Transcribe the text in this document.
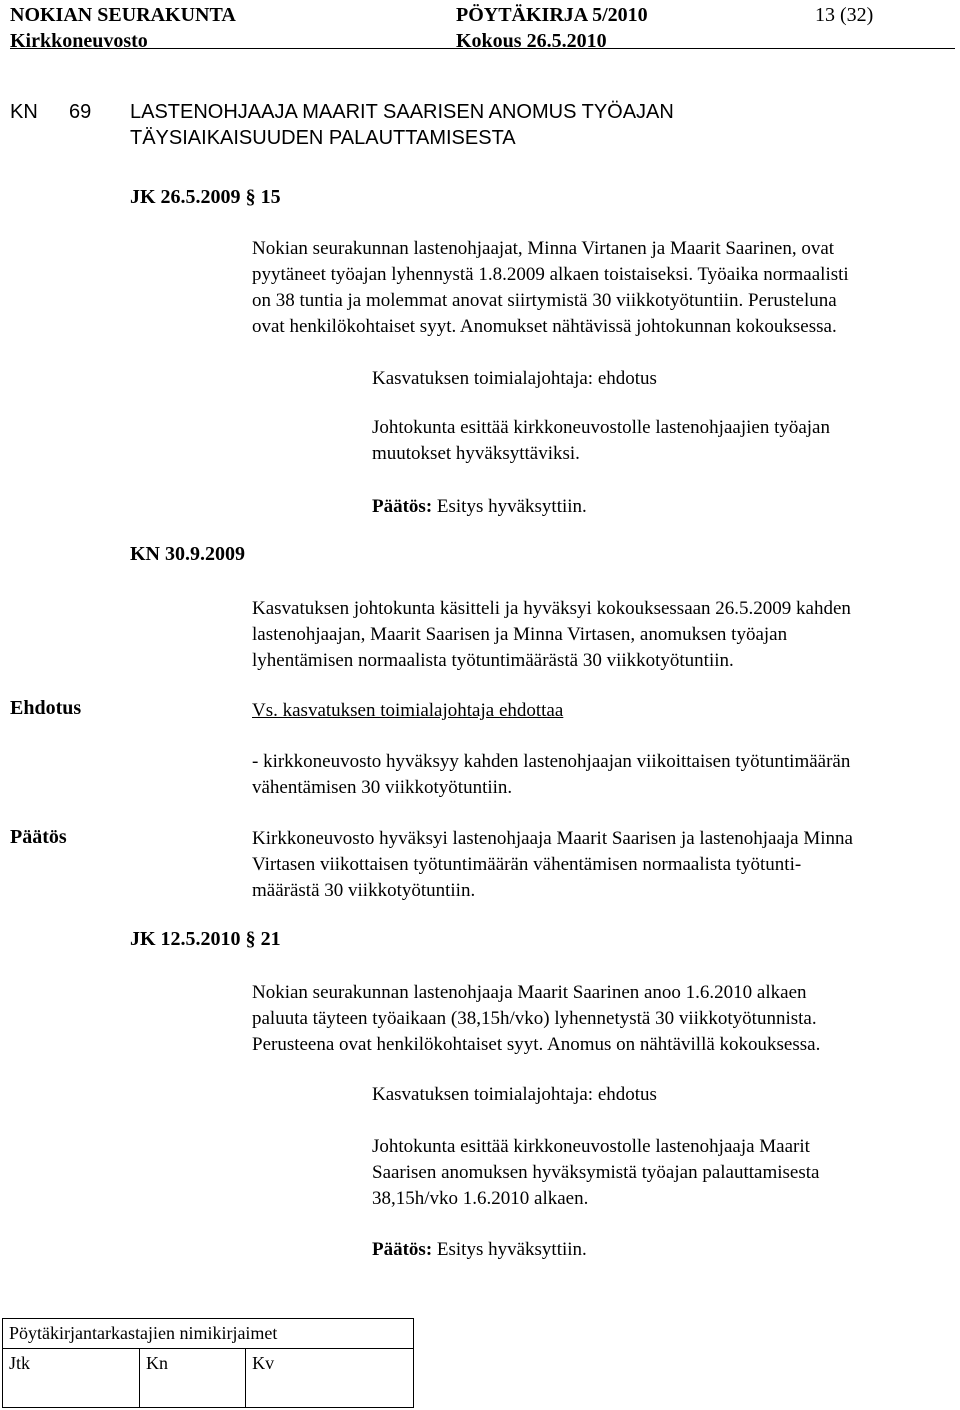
NOKIAN SEURAKUNTA	PÖYTÄKIRJA 5/2010	13 (32)
Kirkkoneuvosto	Kokous 26.5.2010
KN 69 LASTENOHJAAJA MAARIT SAARISEN ANOMUS TYÖAJAN
TÄYSIAIKAISUUDEN PALAUTTAMISESTA
JK 26.5.2009 § 15
Nokian seurakunnan lastenohjaajat, Minna Virtanen ja Maarit Saarinen, ovat
pyytäneet työajan lyhennystä 1.8.2009 alkaen toistaiseksi. Työaika normaalisti
on 38 tuntia ja molemmat anovat siirtymistä 30 viikkotyötuntiin. Perusteluna
ovat henkilökohtaiset syyt. Anomukset nähtävissä johtokunnan kokouksessa.
Kasvatuksen toimialajohtaja: ehdotus
Johtokunta esittää kirkkoneuvostolle lastenohjaajien työajan
muutokset hyväksyttäviksi.
Päätös: Esitys hyväksyttiin.
KN 30.9.2009
Kasvatuksen johtokunta käsitteli ja hyväksyi kokouksessaan 26.5.2009 kahden
lastenohjaajan, Maarit Saarisen ja Minna Virtasen, anomuksen työajan
lyhentämisen normaalista työtuntimäärästä 30 viikkotyötuntiin.
Ehdotus	Vs. kasvatuksen toimialajohtaja ehdottaa
- kirkkoneuvosto hyväksyy kahden lastenohjaajan viikoittaisen työtuntimäärän
vähentämisen 30 viikkotyötuntiin.
Päätös	Kirkkoneuvosto hyväksyi lastenohjaaja Maarit Saarisen ja lastenohjaaja Minna
Virtasen viikottaisen työtuntimäärän vähentämisen normaalista työtunti-
määrästä 30 viikkotyötuntiin.
JK 12.5.2010 § 21
Nokian seurakunnan lastenohjaaja Maarit Saarinen anoo 1.6.2010 alkaen
paluuta täyteen työaikaan (38,15h/vko) lyhennetystä 30 viikkotyötunnista.
Perusteena ovat henkilökohtaiset syyt. Anomus on nähtävillä kokouksessa.
Kasvatuksen toimialajohtaja: ehdotus
Johtokunta esittää kirkkoneuvostolle lastenohjaaja Maarit
Saarisen anomuksen hyväksymistä työajan palauttamisesta
38,15h/vko 1.6.2010 alkaen.
Päätös: Esitys hyväksyttiin.
Pöytäkirjantarkastajien nimikirjaimet
Jtk	Kn	Kv
